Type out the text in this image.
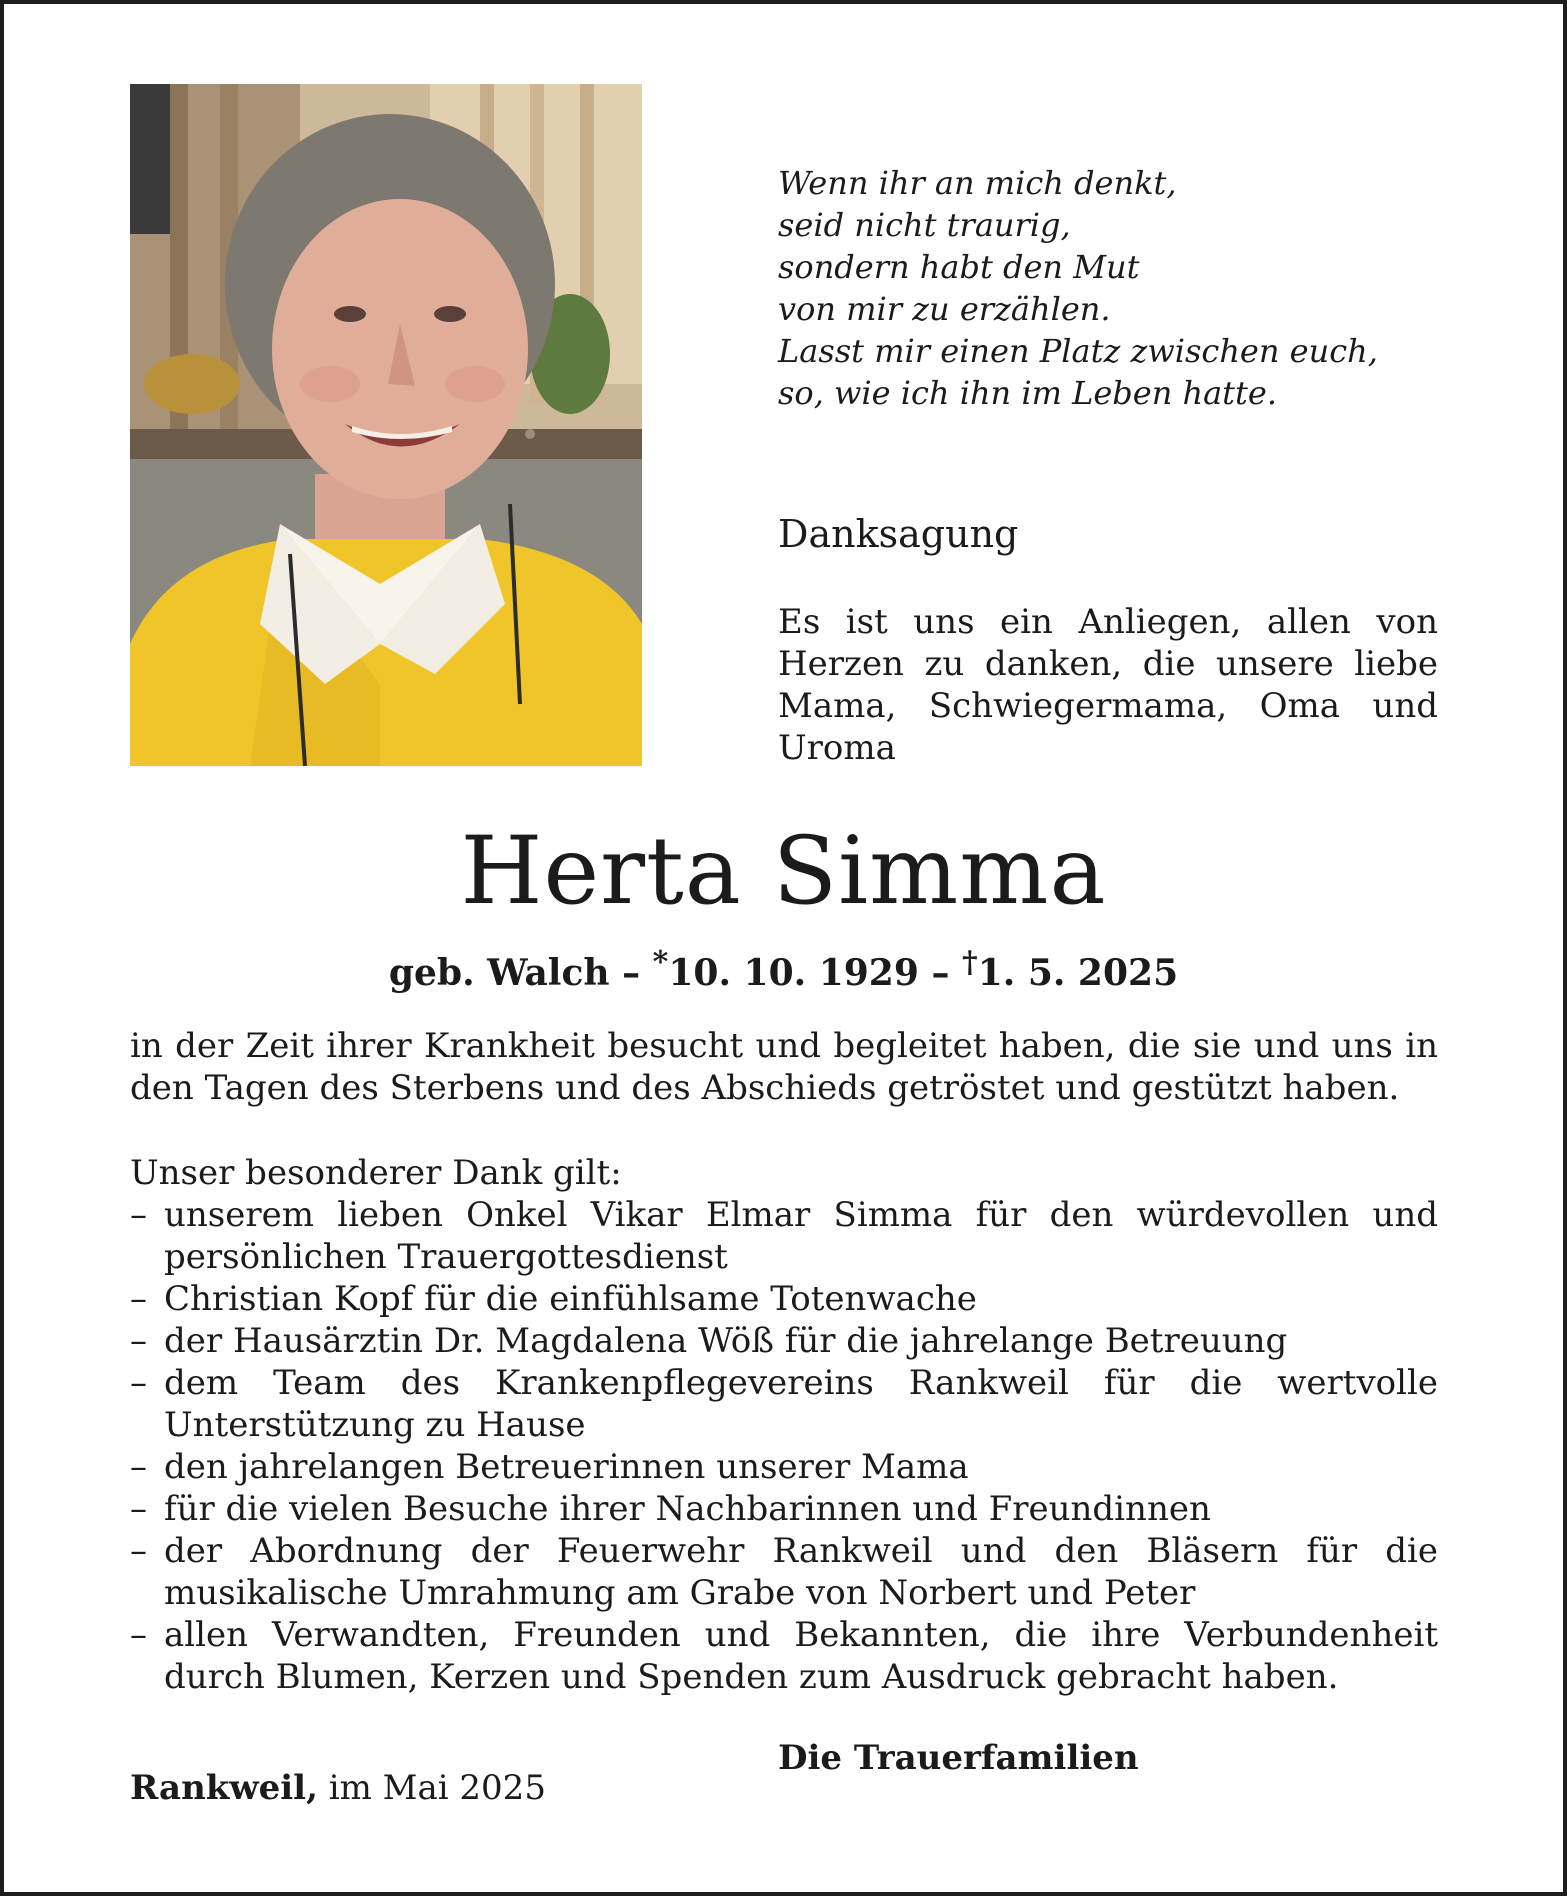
Wenn ihr an mich denkt,
seid nicht traurig,
sondern habt den Mut
von mir zu erzählen.
Lasst mir einen Platz zwischen euch,
so, wie ich ihn im Leben hatte.
Danksagung
Es ist uns ein Anliegen, allen von Herzen zu danken, die unsere liebe Mama, Schwiegermama, Oma und Uroma
Herta Simma
geb. Walch – *10. 10. 1929 – †1. 5. 2025

in der Zeit ihrer Krankheit besucht und begleitet haben, die sie und uns in den Tagen des Sterbens und des Abschieds getröstet und gestützt haben.

Unser besonderer Dank gilt:
– unserem lieben Onkel Vikar Elmar Simma für den würdevollen und persönlichen Trauergottesdienst
– Christian Kopf für die einfühlsame Totenwache
– der Hausärztin Dr. Magdalena Wöß für die jahrelange Betreuung
– dem Team des Krankenpflegevereins Rankweil für die wertvolle Unterstützung zu Hause
– den jahrelangen Betreuerinnen unserer Mama
– für die vielen Besuche ihrer Nachbarinnen und Freundinnen
– der Abordnung der Feuerwehr Rankweil und den Bläsern für die musikalische Umrahmung am Grabe von Norbert und Peter
– allen Verwandten, Freunden und Bekannten, die ihre Verbundenheit durch Blumen, Kerzen und Spenden zum Ausdruck gebracht haben.
Die Trauerfamilien
Rankweil, im Mai 2025
